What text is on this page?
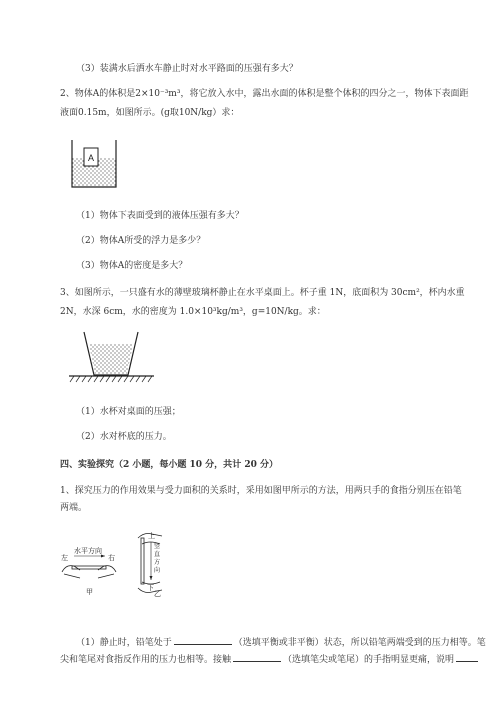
（3）装满水后洒水车静止时对水平路面的压强有多大？
2、物体A的体积是2×10⁻³m³，将它放入水中，露出水面的体积是整个体积的四分之一，物体下表面距
液面0.15m，如图所示。(g取10N/kg）求：
A
（1）物体下表面受到的液体压强有多大？
（2）物体A所受的浮力是多少？
（3）物体A的密度是多大？
3、如图所示，一只盛有水的薄壁玻璃杯静止在水平桌面上。杯子重 1N，底面积为 30cm²，杯内水重
2N，水深 6cm，水的密度为 1.0×10³kg/m³，g=10N/kg。求：
（1）水杯对桌面的压强；
（2）水对杯底的压力。
四、实验探究（2 小题，每小题 10 分，共计 20 分）
1、探究压力的作用效果与受力面积的关系时，采用如图甲所示的方法，用两只手的食指分别压在铅笔
两端。
左
水平方向
右
甲
上
竖
直
方
向
下
乙
（1）静止时，铅笔处于	（选填平衡或非平衡）状态，所以铅笔两端受到的压力相等。笔
尖和笔尾对食指反作用的压力也相等。接触	（选填笔尖或笔尾）的手指明显更痛，说明
